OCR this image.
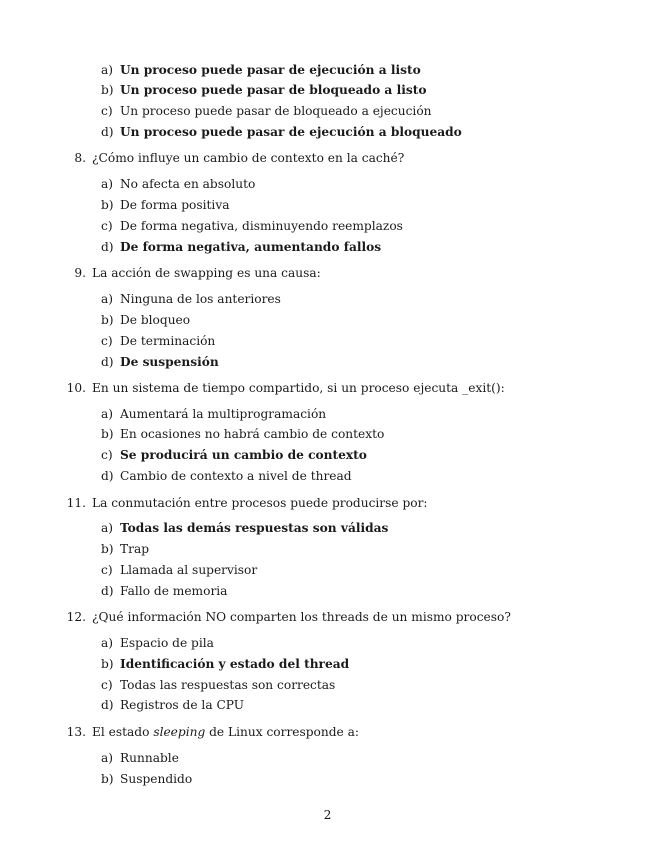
a) Un proceso puede pasar de ejecución a listo
b) Un proceso puede pasar de bloqueado a listo
c) Un proceso puede pasar de bloqueado a ejecución
d) Un proceso puede pasar de ejecución a bloqueado
8. ¿Cómo influye un cambio de contexto en la caché?
a) No afecta en absoluto
b) De forma positiva
c) De forma negativa, disminuyendo reemplazos
d) De forma negativa, aumentando fallos
9. La acción de swapping es una causa:
a) Ninguna de los anteriores
b) De bloqueo
c) De terminación
d) De suspensión
10. En un sistema de tiempo compartido, si un proceso ejecuta _exit():
a) Aumentará la multiprogramación
b) En ocasiones no habrá cambio de contexto
c) Se producirá un cambio de contexto
d) Cambio de contexto a nivel de thread
11. La conmutación entre procesos puede producirse por:
a) Todas las demás respuestas son válidas
b) Trap
c) Llamada al supervisor
d) Fallo de memoria
12. ¿Qué información NO comparten los threads de un mismo proceso?
a) Espacio de pila
b) Identificación y estado del thread
c) Todas las respuestas son correctas
d) Registros de la CPU
13. El estado sleeping de Linux corresponde a:
a) Runnable
b) Suspendido
2
